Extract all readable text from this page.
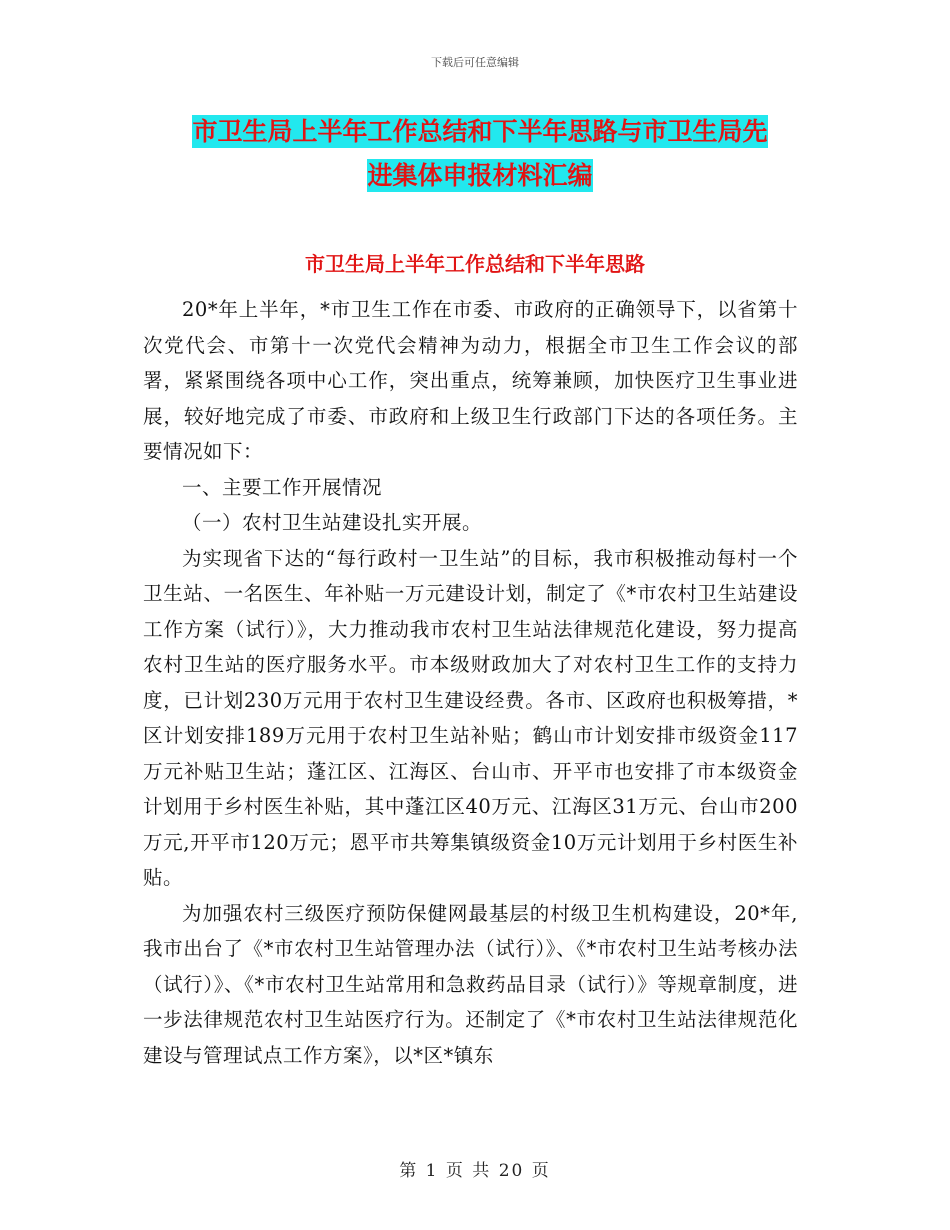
下载后可任意编辑
市卫生局上半年工作总结和下半年思路与市卫生局先
进集体申报材料汇编
市卫生局上半年工作总结和下半年思路

20*年上半年，*市卫生工作在市委、市政府的正确领导下，以省第十次党代会、市第十一次党代会精神为动力，根据全市卫生工作会议的部署，紧紧围绕各项中心工作，突出重点，统筹兼顾，加快医疗卫生事业进展，较好地完成了市委、市政府和上级卫生行政部门下达的各项任务。主要情况如下：

一、主要工作开展情况

（一）农村卫生站建设扎实开展。

为实现省下达的“每行政村一卫生站”的目标，我市积极推动每村一个卫生站、一名医生、年补贴一万元建设计划，制定了《*市农村卫生站建设工作方案（试行）》，大力推动我市农村卫生站法律规范化建设，努力提高农村卫生站的医疗服务水平。市本级财政加大了对农村卫生工作的支持力度，已计划230万元用于农村卫生建设经费。各市、区政府也积极筹措，*区计划安排189万元用于农村卫生站补贴；鹤山市计划安排市级资金117万元补贴卫生站；蓬江区、江海区、台山市、开平市也安排了市本级资金计划用于乡村医生补贴，其中蓬江区40万元、江海区31万元、台山市200万元,开平市120万元；恩平市共筹集镇级资金10万元计划用于乡村医生补贴。

为加强农村三级医疗预防保健网最基层的村级卫生机构建设，20*年,我市出台了《*市农村卫生站管理办法（试行）》、《*市农村卫生站考核办法（试行）》、《*市农村卫生站常用和急救药品目录（试行）》等规章制度，进一步法律规范农村卫生站医疗行为。还制定了《*市农村卫生站法律规范化建设与管理试点工作方案》，以*区*镇东

第 1 页 共 20 页
